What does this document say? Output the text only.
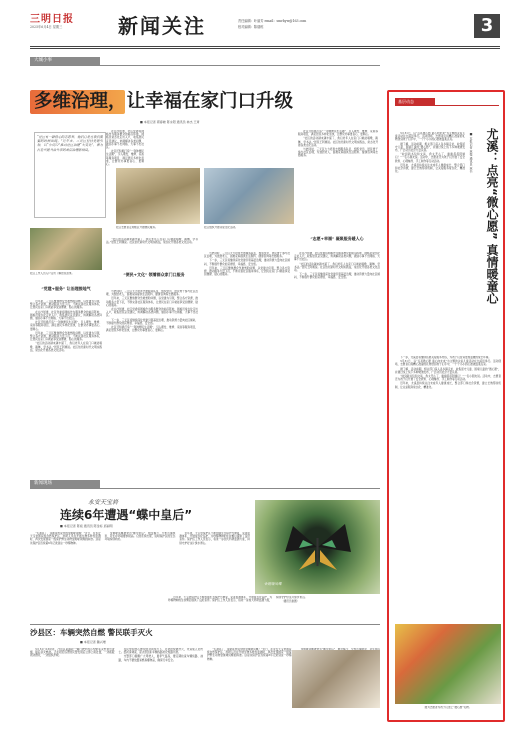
三明日报
2025年6月4日 星期三	新闻关注	责任编辑：叶丽芳 email：smrbyw@163.com
校对编辑：陈瑞栋	3
大城小事
多维治理，让幸福在家门口升级
■ 本报记者 郭春晓 陈永阳 通讯员 林杰 王琦
“社区有一群热心的志愿者，他们总是在我们需要的时候出现。”近年来，三元区坚持党建引领，以“小切口”推动社区治理“大变化”，着力打造共建共治共享的基层治理新格局。
社区工作人员入户走访了解居民需求。
“党建+服务” 让治理接地气

近年来，三元区聚焦群众急难愁盼问题，以党建为引领，整合各方资源，推动服务力量下沉，不断完善社区服务体系，让居民在家门口就能享受到便捷、贴心的服务。

在白沙街道，社区党委将网格作为服务群众的前沿阵地，网格员常态化走访入户，收集居民意见建议，协调解决各类问题，做到小事不出网格、大事不出社区。

社区还积极打造“一刻钟便民生活圈”，引入理发、维修、家政等服务项目，满足居民多样化需求，让群众办事更省心、更顺心。

近年来，三元区聚焦群众急难愁盼问题，以党建为引领，整合各方资源，推动服务力量下沉，不断完善社区服务体系，让居民在家门口就能享受到便捷、贴心的服务。

“社区的活动越来越丰富了，我们老年人在家门口就能唱歌、跳舞、学书法。”居民王阿姨说。社区依托新时代文明实践站，常态化开展各类文化活动。

在白沙街道，社区党委将网格作为服务群众的前沿阵地，网格员常态化走访入户，收集居民意见建议，协调解决各类问题，做到小事不出网格、大事不出社区。

社区还积极打造“一刻钟便民生活圈”，引入理发、维修、家政等服务项目，满足居民多样化需求，让群众办事更省心、更顺心。

社区志愿者走进辖区开展便民服务。

“社区的活动越来越丰富了，我们老年人在家门口就能唱歌、跳舞、学书法。”居民王阿姨说。社区依托新时代文明实践站，常态化开展各类文化活动。

“便民+文化” 领着群众家门口服务

与此同时，三元区大力培育志愿服务队伍，组织党员、居民骨干参与社区治理，为独居老人、困难家庭提供生活照料、健康咨询等志愿服务。

近年来，三元区聚焦群众急难愁盼问题，以党建为引领，整合各方资源，推动服务力量下沉，不断完善社区服务体系，让居民在家门口就能享受到便捷、贴心的服务。

在白沙街道，社区党委将网格作为服务群众的前沿阵地，网格员常态化走访入户，收集居民意见建议，协调解决各类问题，做到小事不出网格、大事不出社区。

下一步，三元区将继续深化党建引领基层治理，推动资源力量向社区倾斜，不断提升群众的获得感、幸福感、安全感。

社区还积极打造“一刻钟便民生活圈”，引入理发、维修、家政等服务项目，满足居民多样化需求，让群众办事更省心、更顺心。

社区组织开展邻里文化活动。

社区还积极打造“一刻钟便民生活圈”，引入理发、维修、家政等服务项目，满足居民多样化需求，让群众办事更省心、更顺心。

“社区的活动越来越丰富了，我们老年人在家门口就能唱歌、跳舞、学书法。”居民王阿姨说。社区依托新时代文明实践站，常态化开展各类文化活动。

与此同时，三元区大力培育志愿服务队伍，组织党员、居民骨干参与社区治理，为独居老人、困难家庭提供生活照料、健康咨询等志愿服务。

“志愿+幸福” 凝聚服务暖人心

与此同时，三元区大力培育志愿服务队伍，组织党员、居民骨干参与社区治理，为独居老人、困难家庭提供生活照料、健康咨询等志愿服务。

下一步，三元区将继续深化党建引领基层治理，推动资源力量向社区倾斜，不断提升群众的获得感、幸福感、安全感。

近年来，三元区聚焦群众急难愁盼问题，以党建为引领，整合各方资源，推动服务力量下沉，不断完善社区服务体系，让居民在家门口就能享受到便捷、贴心的服务。

在白沙街道，社区党委将网格作为服务群众的前沿阵地，网格员常态化走访入户，收集居民意见建议，协调解决各类问题，做到小事不出网格、大事不出社区。

“社区的活动越来越丰富了，我们老年人在家门口就能唱歌、跳舞、学书法。”居民王阿姨说。社区依托新时代文明实践站，常态化开展各类文化活动。

下一步，三元区将继续深化党建引领基层治理，推动资源力量向社区倾斜，不断提升群众的获得感、幸福感、安全感。

基层动态
尤溪：点亮“微心愿” 真情暖童心
■ 本报记者 林微 通讯员 林书

5月31日，以“点亮微心愿 童心向未来”为主题的关爱儿童活动在尤溪县举行。活动现场，志愿者们将精心准备的礼物送到孩子们手中，一个个小小的心愿被温柔点亮。

据了解，活动前期，相关部门深入各乡镇走访，收集留守儿童、困境儿童的“微心愿”，并通过线上线下多种渠道发布，广泛动员社会力量认领。

“收到新书包和文具，我太开心了，谢谢叔叔阿姨们！”一名小朋友说。活动中，志愿者还为孩子们开展了安全教育、心理辅导、手工制作等互动活动。

近年来，尤溪县持续关注未成年人健康成长，整合部门和社会资源，建立长效帮扶机制，让关爱服务常态化、精准化。

下一步，尤溪县将继续拓展关爱服务内容，为孩子们营造更加温暖的成长环境。

5月31日，以“点亮微心愿 童心向未来”为主题的关爱儿童活动在尤溪县举行。活动现场，志愿者们将精心准备的礼物送到孩子们手中，一个个小小的心愿被温柔点亮。

据了解，活动前期，相关部门深入各乡镇走访，收集留守儿童、困境儿童的“微心愿”，并通过线上线下多种渠道发布，广泛动员社会力量认领。

“收到新书包和文具，我太开心了，谢谢叔叔阿姨们！”一名小朋友说。活动中，志愿者还为孩子们开展了安全教育、心理辅导、手工制作等互动活动。

近年来，尤溪县持续关注未成年人健康成长，整合部门和社会资源，建立长效帮扶机制，让关爱服务常态化、精准化。

图为志愿者为孩子们送上“微心愿”礼物。
新闻现场
永安天宝岩
连续6年遭遇“蝶中皇后”
■ 本报记者 陈斌 通讯员 陈金标 邱丽明

“太漂亮了，这就是传说中的金斑喙凤蝶！”近日，在永安天宝岩国家级自然保护区，科研人员在开展生物多样性监测时，再次发现国家一级保护野生动物金斑喙凤蝶的踪迹。这是该保护区连续第6年记录到这一珍稀物种。

金斑喙凤蝶被誉为“蝶中皇后”，数量稀少、分布范围狭窄，对生存环境要求极高。它的连续出现，说明保护区的生态环境持续向好。

近年来，天宝岩保护区不断加强生态保护与修复，完善监测体系，开展常态化巡护，为珍稀物种的生存繁衍提供了良好条件。保护区工作人员表示，将进一步加大科研监测力度，持续守护好这片绿水青山。

金斑喙凤蝶

近年来，天宝岩保护区不断加强生态保护与修复，完善监测体系，开展常态化巡护，为珍稀物种的生存繁衍提供了良好条件。保护区工作人员表示，将进一步加大科研监测力度，持续守护好这片绿水青山。

（通讯员供图）

沙县区：车辆突然自燃 警民联手灭火
■ 本报记者 魏兴增

5月31日13时许，沙县区某路段一辆行驶中的小型轿车突然冒出浓烟，随后起火燃烧。正在附近巡逻的民警发现后立即上前处置，一边疏散周边群众，一边组织扑救。

在民警和热心群众的共同努力下，火势很快被扑灭，未造成人员伤亡。经初步调查，起火原因系车辆线路老化短路所致。

交警部门提醒广大驾驶人，夏季气温高，要定期检查车辆线路、油路，车内不要放置易燃易爆物品，确保行车安全。

“太漂亮了，这就是传说中的金斑喙凤蝶！”近日，在永安天宝岩国家级自然保护区，科研人员在开展生物多样性监测时，再次发现国家一级保护野生动物金斑喙凤蝶的踪迹。这是该保护区连续第6年记录到这一珍稀物种。
